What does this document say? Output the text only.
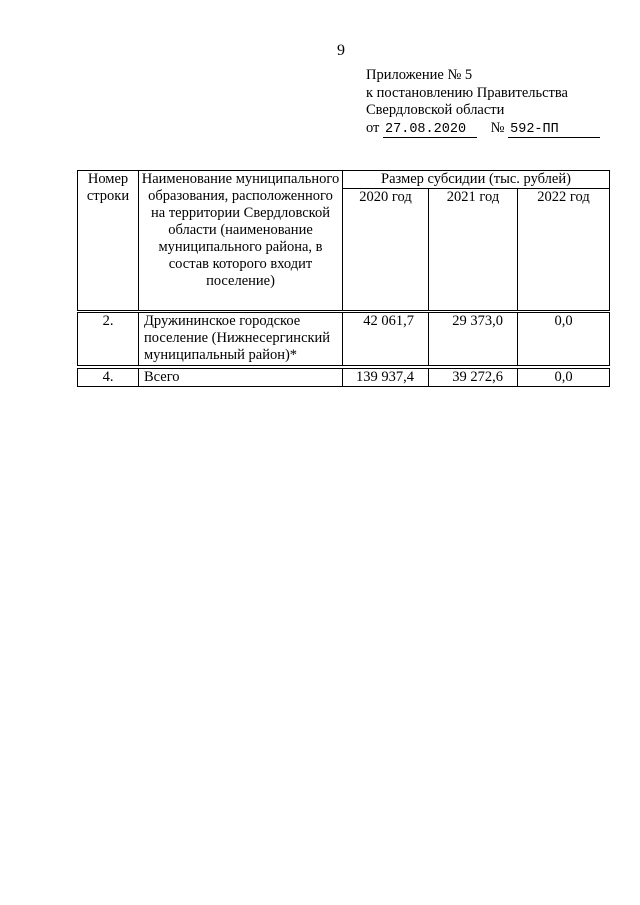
9
Приложение № 5
к постановлению Правительства
Свердловской области
от 27.08.2020 № 592-ПП
Номер строки	Наименование муниципального образования, расположенного на территории Свердловской области (наименование муниципального района, в состав которого входит поселение)	Размер субсидии (тыс. рублей)		
		2020 год	2021 год	2022 год
2.	Дружининское городское поселение (Нижнесергинский муниципальный район)*	42 061,7	29 373,0	0,0
4.	Всего	139 937,4	39 272,6	0,0
